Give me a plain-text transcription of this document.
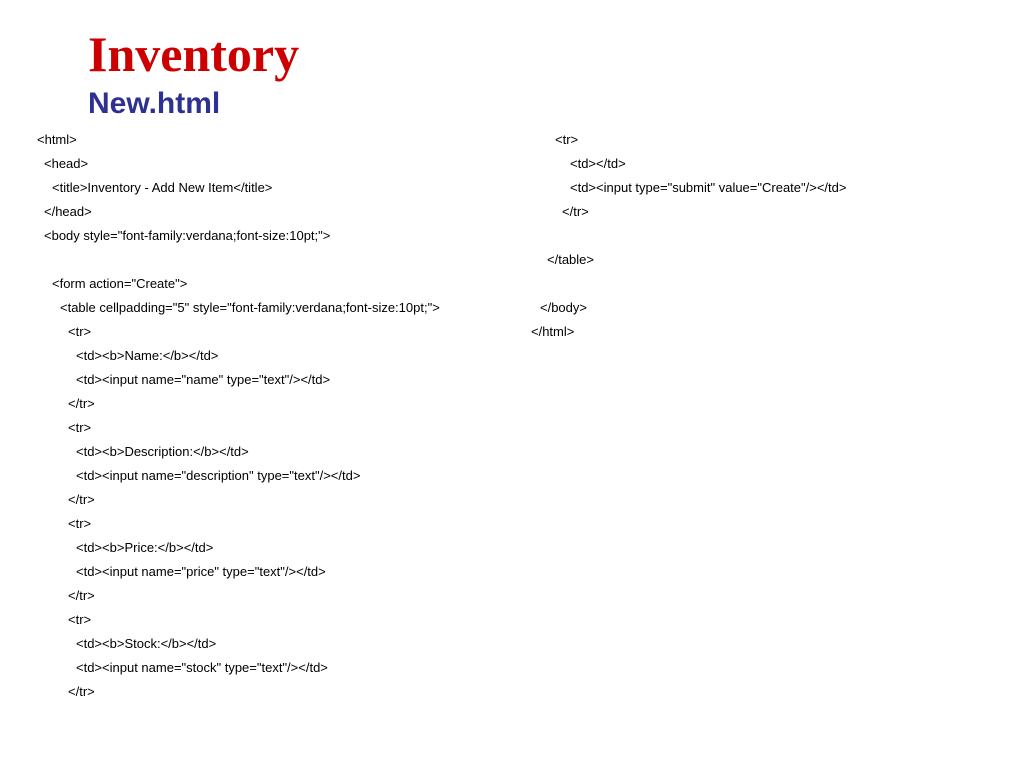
Inventory
New.html
<html>
<head>
<title>Inventory - Add New Item</title>
</head>
<body style="font-family:verdana;font-size:10pt;">
<form action="Create">
<table cellpadding="5" style="font-family:verdana;font-size:10pt;">
<tr>
<td><b>Name:</b></td>
<td><input name="name" type="text"/></td>
</tr>
<tr>
<td><b>Description:</b></td>
<td><input name="description" type="text"/></td>
</tr>
<tr>
<td><b>Price:</b></td>
<td><input name="price" type="text"/></td>
</tr>
<tr>
<td><b>Stock:</b></td>
<td><input name="stock" type="text"/></td>
</tr>
<tr>
<td></td>
<td><input type="submit" value="Create"/></td>
</tr>
</table>
</body>
</html>
